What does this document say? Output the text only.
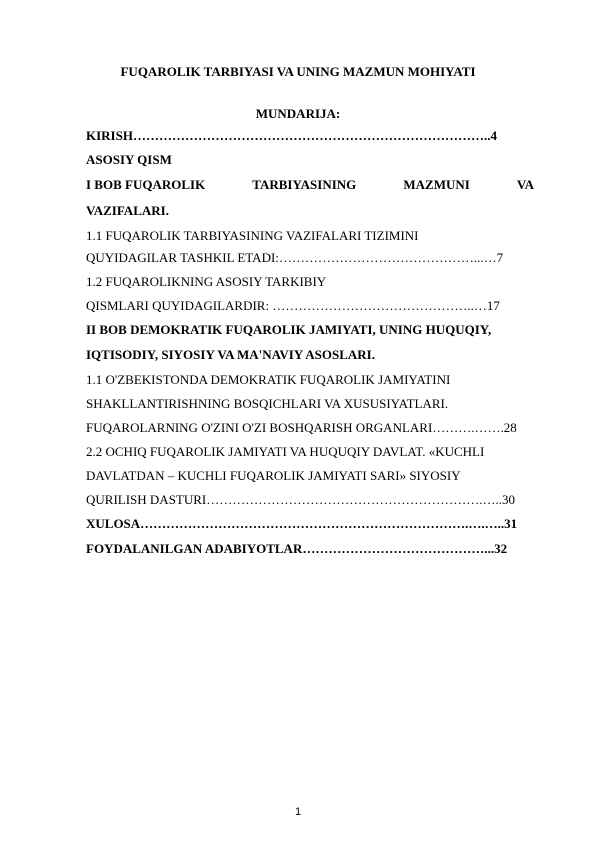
FUQAROLIK TARBIYASI VA UNING MAZMUN MOHIYATI
MUNDARIJA:
KIRISH………………………………………………………………………..4
ASOSIY QISM
I BOB FUQAROLIK	TARBIYASINING	MAZMUNI	VA
VAZIFALARI.
1.1 FUQAROLIK TARBIYASINING VAZIFALARI TIZIMINI
QUYIDAGILAR TASHKIL ETADI:………………………………………...…7
1.2 FUQAROLIKNING ASOSIY TARKIBIY
QISMLARI QUYIDAGILARDIR: ………………………………………..…17
II BOB DEMOKRATIK FUQAROLIK JAMIYATI, UNING HUQUQIY,
IQTISODIY, SIYOSIY VA MA'NAVIY ASOSLARI.
1.1 O'ZBEKISTONDA DEMOKRATIK FUQAROLIK JAMIYATINI
SHAKLLANTIRISHNING BOSQICHLARI VA XUSUSIYATLARI.
FUQAROLARNING O'ZINI O'ZI BOSHQARISH ORGANLARI……….…….28
2.2 OCHIQ FUQAROLIK JAMIYATI VA HUQUQIY DAVLAT. «KUCHLI
DAVLATDAN – KUCHLI FUQAROLIK JAMIYATI SARI» SIYOSIY
QURILISH DASTURI……………………………………………………….…..30
XULOSA………………………………………………………………….….…..31
FOYDALANILGAN ADABIYOTLAR……………………………………...32
1
